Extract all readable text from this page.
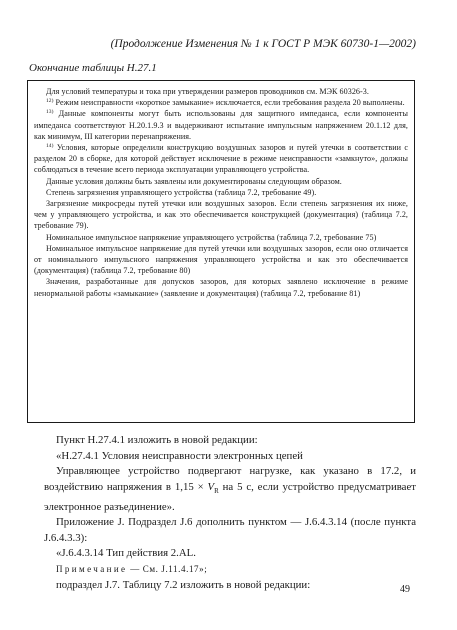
(Продолжение Изменения № 1 к ГОСТ Р МЭК 60730-1—2002)
Окончание таблицы Н.27.1

Для условий температуры и тока при утверждении размеров проводников см. МЭК 60326-3.

$^{12)}$ Режим неисправности «короткое замыкание» исключается, если требования раздела 20 выполнены.

$^{13)}$ Данные компоненты могут быть использованы для защитного импеданса, если компоненты импеданса соответствуют Н.20.1.9.3 и выдерживают испытание импульсным напряжением 20.1.12 для, как минимум, III категории перенапряжения.

$^{14)}$ Условия, которые определили конструкцию воздушных зазоров и путей утечки в соответствии с разделом 20 в сборке, для которой действует исключение в режиме неисправности «замкнуто», должны соблюдаться в течение всего периода эксплуатации управляющего устройства.

Данные условия должны быть заявлены или документированы следующим образом.

Степень загрязнения управляющего устройства (таблица 7.2, требование 49).

Загрязнение микросреды путей утечки или воздушных зазоров. Если степень загрязнения их ниже, чем у управляющего устройства, и как это обеспечивается конструкцией (документация) (таблица 7.2, требование 79).

Номинальное импульсное напряжение управляющего устройства (таблица 7.2, требование 75)

Номинальное импульсное напряжение для путей утечки или воздушных зазоров, если оно отличается от номинального импульсного напряжения управляющего устройства и как это обеспечивается (документация) (таблица 7.2, требование 80)

Значения, разработанные для допусков зазоров, для которых заявлено исключение в режиме ненормальной работы «замыкание» (заявление и документация) (таблица 7.2, требование 81)

Пункт Н.27.4.1 изложить в новой редакции:

«Н.27.4.1 Условия неисправности электронных цепей

Управляющее устройство подвергают нагрузке, как указано в 17.2, и воздействию напряжения в $1,15 \times V_R$ на 5 с, если устройство предусматривает электронное разъединение».

Приложение J. Подраздел J.6 дополнить пунктом — J.6.4.3.14 (после пункта J.6.4.3.3):

«J.6.4.3.14 Тип действия 2.AL.

Примечание — См. J.11.4.17»;

подраздел J.7. Таблицу 7.2 изложить в новой редакции:	49
